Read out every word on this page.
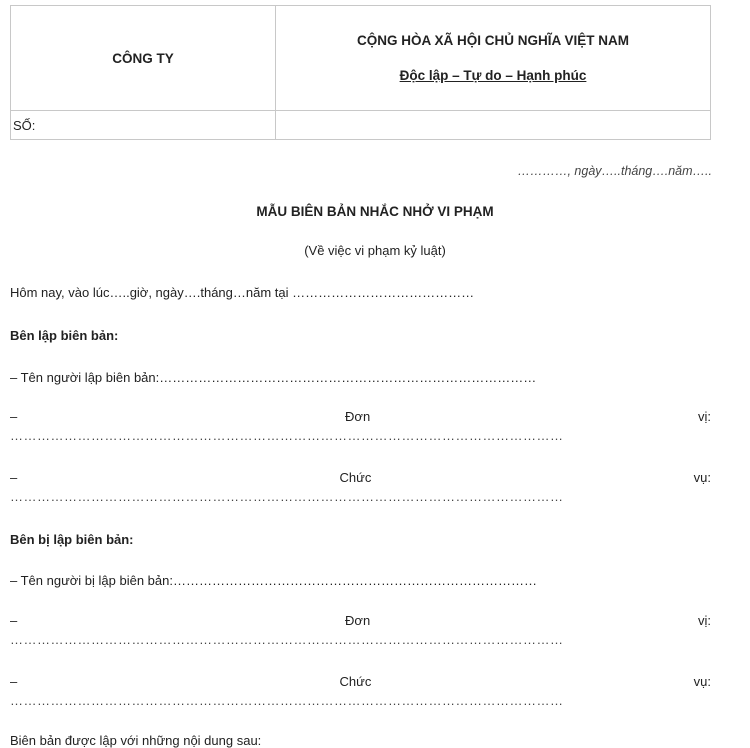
CÔNG TY	CỘNG HÒA XÃ HỘI CHỦ NGHĨA VIỆT NAM
Độc lập – Tự do – Hạnh phúc

SỐ:	
…………, ngày…..tháng….năm…..
MẪU BIÊN BẢN NHẮC NHỞ VI PHẠM
(Về việc vi phạm kỷ luật)
Hôm nay, vào lúc…..giờ, ngày….tháng…năm tại ……………………………………
Bên lập biên bản:
– Tên người lập biên bản:……………………………………………………………………………
–	Đơn	vị:
……………………………………………………………………………………………………………
–	Chức	vụ:
……………………………………………………………………………………………………………
Bên bị lập biên bản:
– Tên người bị lập biên bản:…………………………………………………………………………
–	Đơn	vị:
……………………………………………………………………………………………………………
–	Chức	vụ:
……………………………………………………………………………………………………………
Biên bản được lập với những nội dung sau:
